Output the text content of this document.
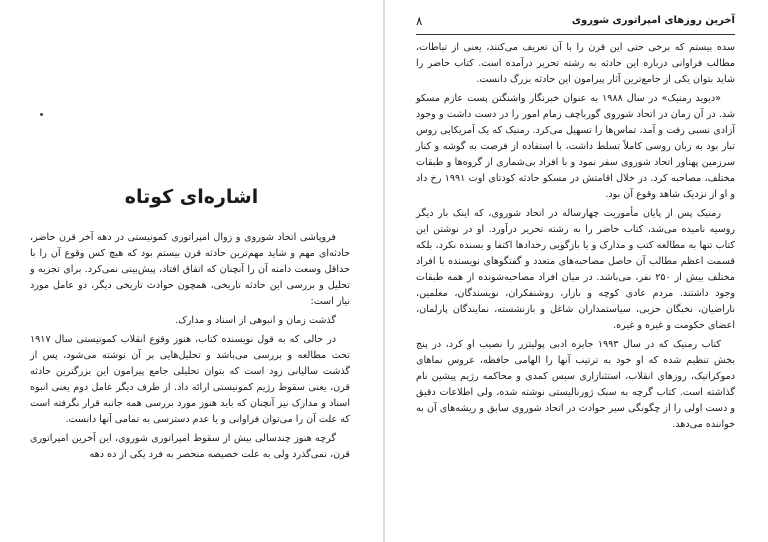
اشاره‌ای کوتاه

فروپاشی اتحاد شوروی و زوال امپراتوری کمونیستی در دهه آخر قرن حاضر، حادثه‌ای مهم و شاید مهم‌ترین حادثه قرن بیستم بود که هیچ کس وقوع آن را با حداقل وسعت دامنه آن را آنچنان که اتفاق افتاد، پیش‌بینی نمی‌کرد. برای تجزیه و تحلیل و بررسی این حادثه تاریخی، همچون حوادث تاریخی دیگر، دو عامل مورد نیاز است:

گذشت زمان و انبوهی از اسناد و مدارک.

در حالی که به قول نویسنده کتاب، هنوز وقوع انقلاب کمونیستی سال ۱۹۱۷ تحت مطالعه و بررسی می‌باشد و تحلیل‌هایی بر آن نوشته می‌شود، پس از گذشت سالیانی زود است که بتوان تحلیلی جامع پیرامون این بزرگترین حادثه قرن، یعنی سقوط رژیم کمونیستی ارائه داد. از طرف دیگر عامل دوم یعنی انبوه اسناد و مدارک نیز آنچنان که باید هنوز مورد بررسی همه جانبه قرار نگرفته است که علت آن را می‌توان فراوانی و یا عدم دسترسی به تمامی آنها دانست.

گرچه هنوز چندسالی بیش از سقوط امپراتوری شوروی، این آخرین امپراتوری قرن، نمی‌گذرد ولی به علت خصیصه منحصر به فرد یکی از ده دهه

آخرین روزهای امپراتوری شوروی
۸

سده بیستم که برخی حتی این قرن را با آن تعریف می‌کنند، یعنی از تباطات، مطالب فراوانی درباره این حادثه به رشته تحریر درآمده است. کتاب حاضر را شاید بتوان یکی از جامع‌ترین آثار پیرامون این حادثه بزرگ دانست.

«دیوید رمنیک» در سال ۱۹۸۸ به عنوان خبرنگار واشنگتن پست عازم مسکو شد. در آن زمان در اتحاد شوروی گورباچف زمام امور را در دست داشت و وجود آزادی نسبی رفت و آمد، تماس‌ها را تسهیل می‌کرد. رمنیک که یک آمریکایی روس تبار بود به زبان روسی کاملاً تسلط داشت، با استفاده از فرصت به گوشه و کنار سرزمین پهناور اتحاد شوروی سفر نمود و با افراد بی‌شماری از گروه‌ها و طبقات مختلف، مصاحبه کرد. در خلال اقامتش در مسکو حادثه کودتای اوت ۱۹۹۱ رخ داد و او از نزدیک شاهد وقوع آن بود.

رمنیک پس از پایان مأموریت چهارساله در اتحاد شوروی، که اینک بار دیگر روسیه نامیده می‌شد، کتاب حاضر را به رشته تحریر درآورد. او در نوشتن این کتاب تنها به مطالعه کتب و مدارک و یا بازگویی رخدادها اکتفا و بسنده نکرد، بلکه قسمت اعظم مطالب آن حاصل مصاحبه‌های متعدد و گفتگوهای نویسنده با افراد مختلف بیش از ۲۵۰ نفر، می‌باشد. در میان افراد مصاحبه‌شونده از همه طبقات وجود داشتند. مردم عادی کوچه و بازار، روشنفکران، نویسندگان، معلمین، ناراضیان، نخبگان حزبی، سیاستمداران شاغل و بازنشسته، نمایندگان پارلمان، اعضای حکومت و غیره و غیره.

کتاب رمنیک که در سال ۱۹۹۳ جایزه ادبی پولیتزر را نصیب او کرد، در پنج بخش تنظیم شده که او خود به ترتیب آنها را الهامی حافظه، عروس نماهای دموکراتیک، روزهای انقلاب، استثنازاری سیس کمدی و محاکمه رژیم پیشین نام گذاشته است. کتاب گرچه به سبک ژورنالیستی نوشته شده، ولی اطلاعات دقیق و دست اولی را از چگونگی سیر حوادث در اتحاد شوروی سابق و ریشه‌های آن به خواننده می‌دهد.
